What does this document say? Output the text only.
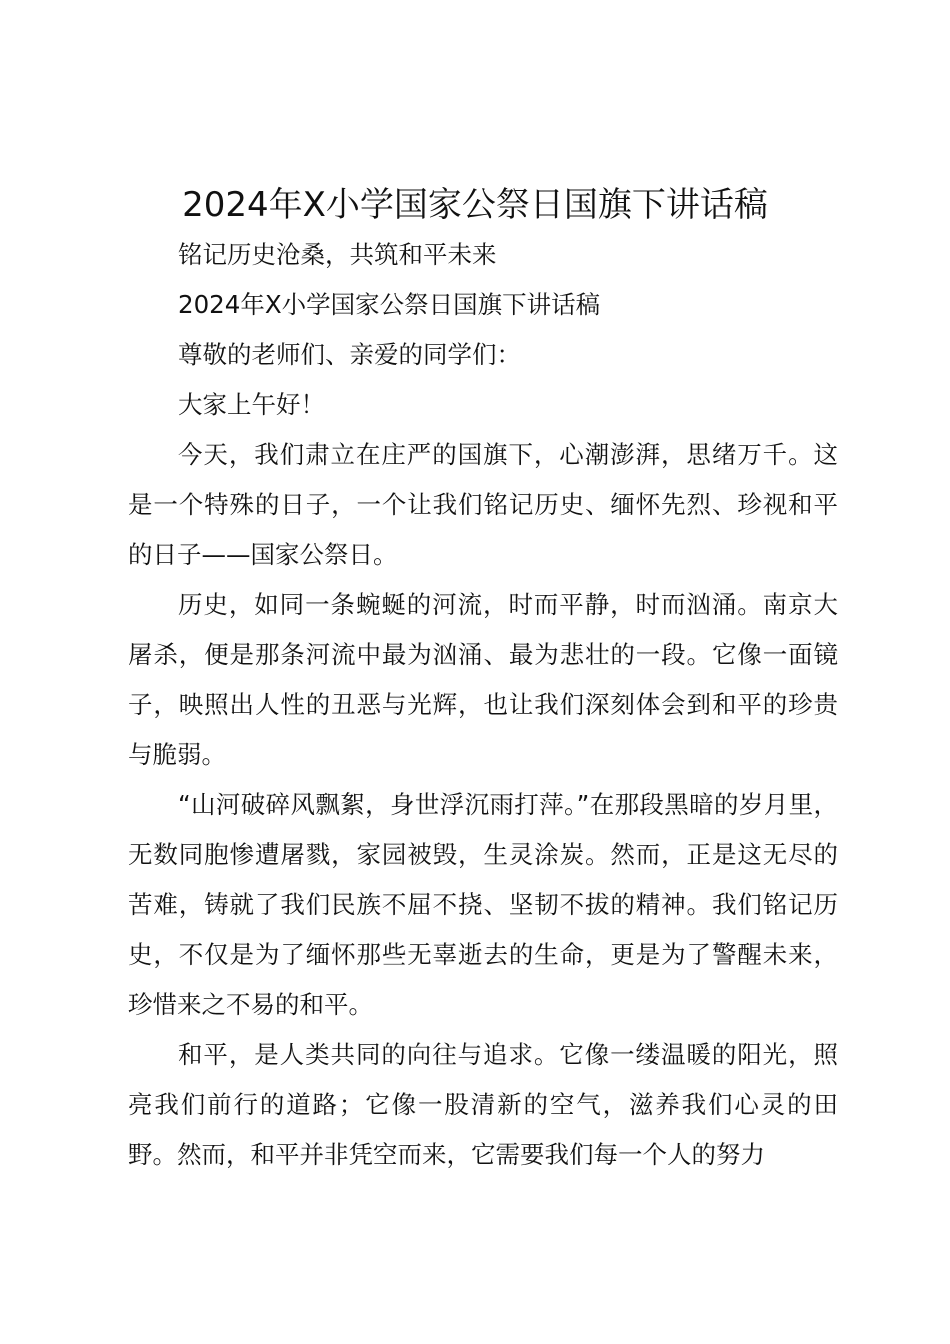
2024年X小学国家公祭日国旗下讲话稿

铭记历史沧桑，共筑和平未来

2024年X小学国家公祭日国旗下讲话稿

尊敬的老师们、亲爱的同学们：

大家上午好！

今天，我们肃立在庄严的国旗下，心潮澎湃，思绪万千。这是一个特殊的日子，一个让我们铭记历史、缅怀先烈、珍视和平的日子——国家公祭日。

历史，如同一条蜿蜒的河流，时而平静，时而汹涌。南京大屠杀，便是那条河流中最为汹涌、最为悲壮的一段。它像一面镜子，映照出人性的丑恶与光辉，也让我们深刻体会到和平的珍贵与脆弱。

“山河破碎风飘絮，身世浮沉雨打萍。”在那段黑暗的岁月里，无数同胞惨遭屠戮，家园被毁，生灵涂炭。然而，正是这无尽的苦难，铸就了我们民族不屈不挠、坚韧不拔的精神。我们铭记历史，不仅是为了缅怀那些无辜逝去的生命，更是为了警醒未来，珍惜来之不易的和平。

和平，是人类共同的向往与追求。它像一缕温暖的阳光，照亮我们前行的道路；它像一股清新的空气，滋养我们心灵的田野。然而，和平并非凭空而来，它需要我们每一个人的努力
